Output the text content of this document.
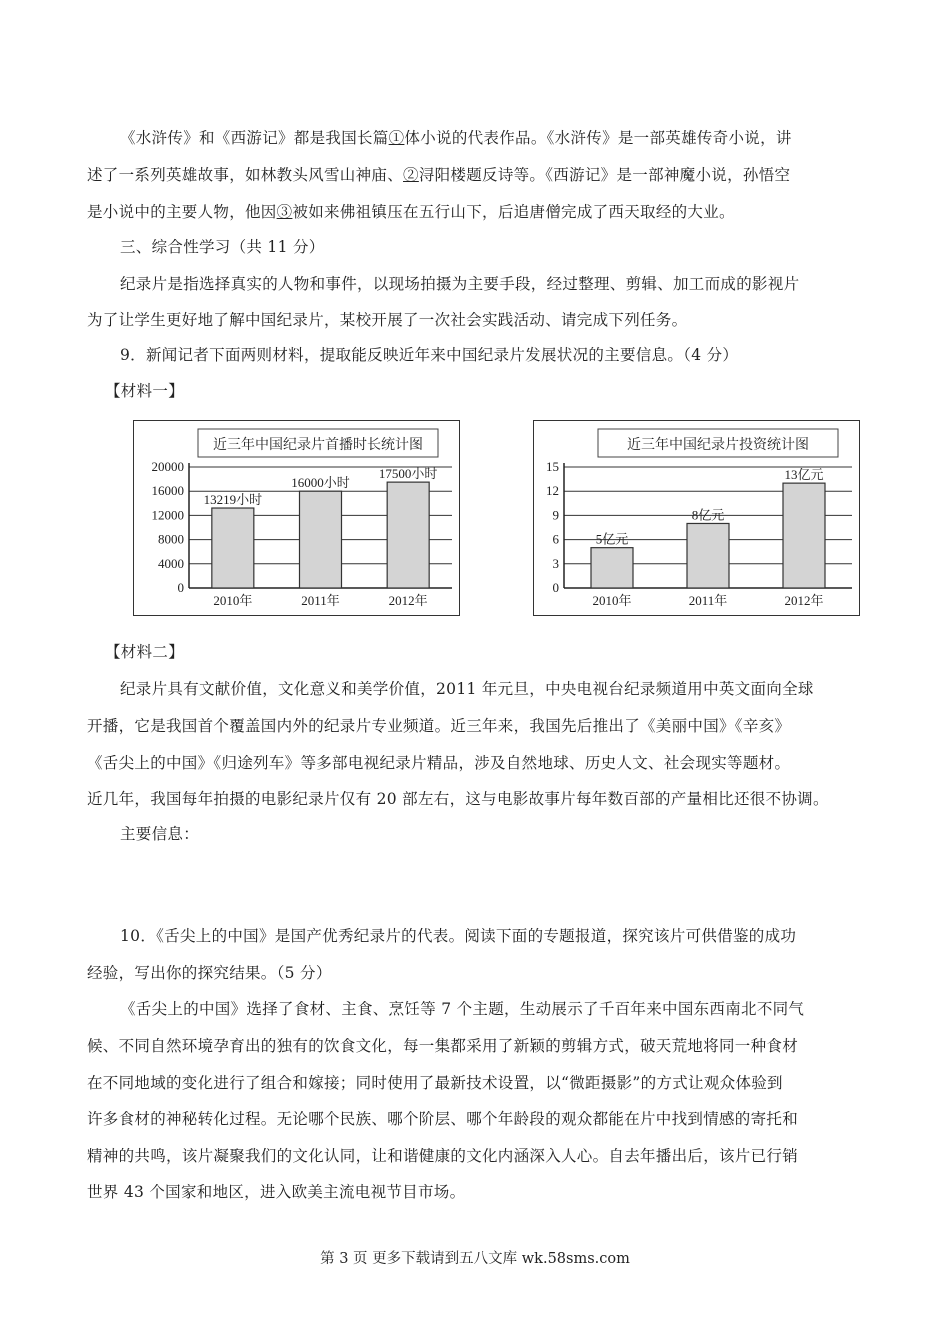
《水浒传》和《西游记》都是我国长篇①体小说的代表作品。《水浒传》是一部英雄传奇小说，讲
述了一系列英雄故事，如林教头风雪山神庙、②浔阳楼题反诗等。《西游记》是一部神魔小说，孙悟空
是小说中的主要人物，他因③被如来佛祖镇压在五行山下，后追唐僧完成了西天取经的大业。
三、综合性学习（共 11 分）
纪录片是指选择真实的人物和事件，以现场拍摄为主要手段，经过整理、剪辑、加工而成的影视片
为了让学生更好地了解中国纪录片，某校开展了一次社会实践活动、请完成下列任务。
9．新闻记者下面两则材料，提取能反映近年来中国纪录片发展状况的主要信息。（4 分）
【材料一】
近三年中国纪录片首播时长统计图
20000
16000
12000
8000
4000
0
13219小时
2010年
16000小时
2011年
17500小时
2012年
近三年中国纪录片投资统计图
15
12
9
6
3
0
5亿元
2010年
8亿元
2011年
13亿元
2012年
【材料二】
纪录片具有文献价值，文化意义和美学价值，2011 年元旦，中央电视台纪录频道用中英文面向全球
开播，它是我国首个覆盖国内外的纪录片专业频道。近三年来，我国先后推出了《美丽中国》《辛亥》
《舌尖上的中国》《归途列车》等多部电视纪录片精品，涉及自然地球、历史人文、社会现实等题材。
近几年，我国每年拍摄的电影纪录片仅有 20 部左右，这与电影故事片每年数百部的产量相比还很不协调。
主要信息：
10．《舌尖上的中国》是国产优秀纪录片的代表。阅读下面的专题报道，探究该片可供借鉴的成功
经验，写出你的探究结果。（5 分）
《舌尖上的中国》选择了食材、主食、烹饪等 7 个主题，生动展示了千百年来中国东西南北不同气
候、不同自然环境孕育出的独有的饮食文化，每一集都采用了新颖的剪辑方式，破天荒地将同一种食材
在不同地域的变化进行了组合和嫁接；同时使用了最新技术设置，以“微距摄影”的方式让观众体验到
许多食材的神秘转化过程。无论哪个民族、哪个阶层、哪个年龄段的观众都能在片中找到情感的寄托和
精神的共鸣，该片凝聚我们的文化认同，让和谐健康的文化内涵深入人心。自去年播出后，该片已行销
世界 43 个国家和地区，进入欧美主流电视节目市场。
第 3 页 更多下载请到五八文库 wk.58sms.com
